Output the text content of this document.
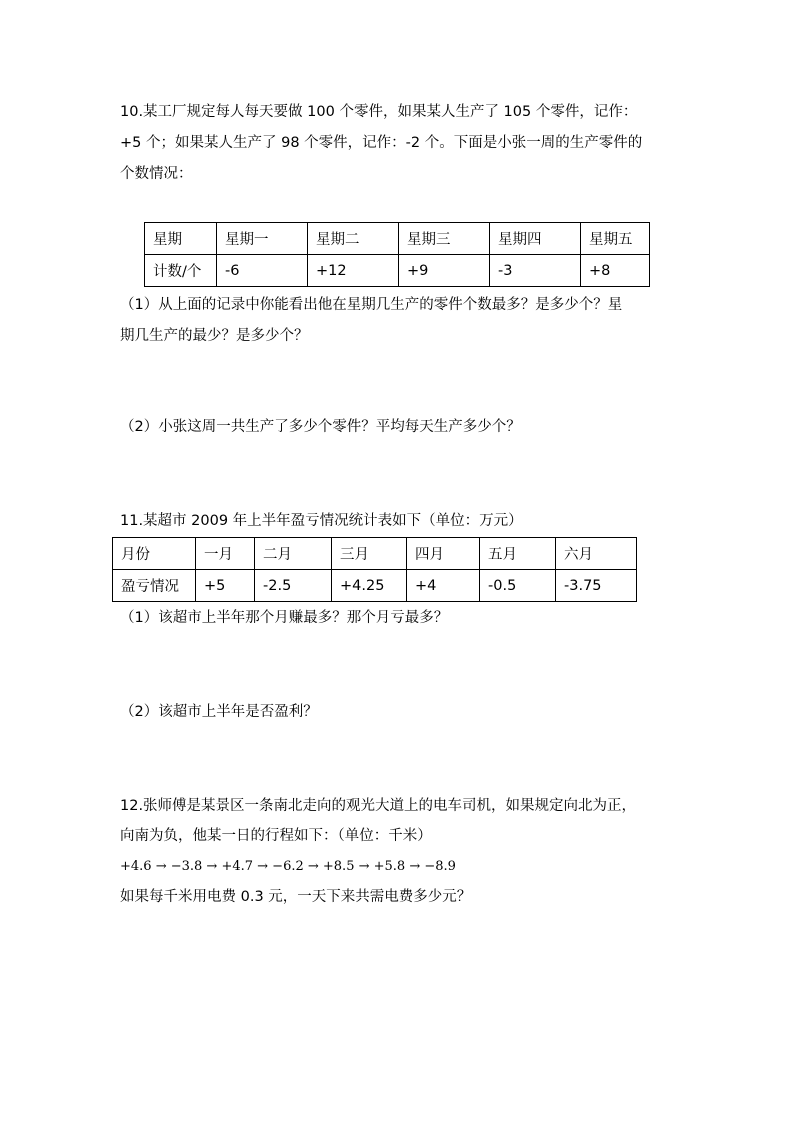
10.某工厂规定每人每天要做 100 个零件，如果某人生产了 105 个零件，记作：
+5 个；如果某人生产了 98 个零件，记作：-2 个。下面是小张一周的生产零件的
个数情况：
星期	星期一	星期二	星期三	星期四	星期五
计数/个	-6	+12	+9	-3	+8
（1）从上面的记录中你能看出他在星期几生产的零件个数最多？是多少个？星
期几生产的最少？是多少个？
（2）小张这周一共生产了多少个零件？平均每天生产多少个？
11.某超市 2009 年上半年盈亏情况统计表如下（单位：万元）
月份	一月	二月	三月	四月	五月	六月
盈亏情况	+5	-2.5	+4.25	+4	-0.5	-3.75
（1）该超市上半年那个月赚最多？那个月亏最多？
（2）该超市上半年是否盈利？
12.张师傅是某景区一条南北走向的观光大道上的电车司机，如果规定向北为正，
向南为负，他某一日的行程如下：（单位：千米）
+4.6 → −3.8 → +4.7 → −6.2 → +8.5 → +5.8 → −8.9
如果每千米用电费 0.3 元，一天下来共需电费多少元？
